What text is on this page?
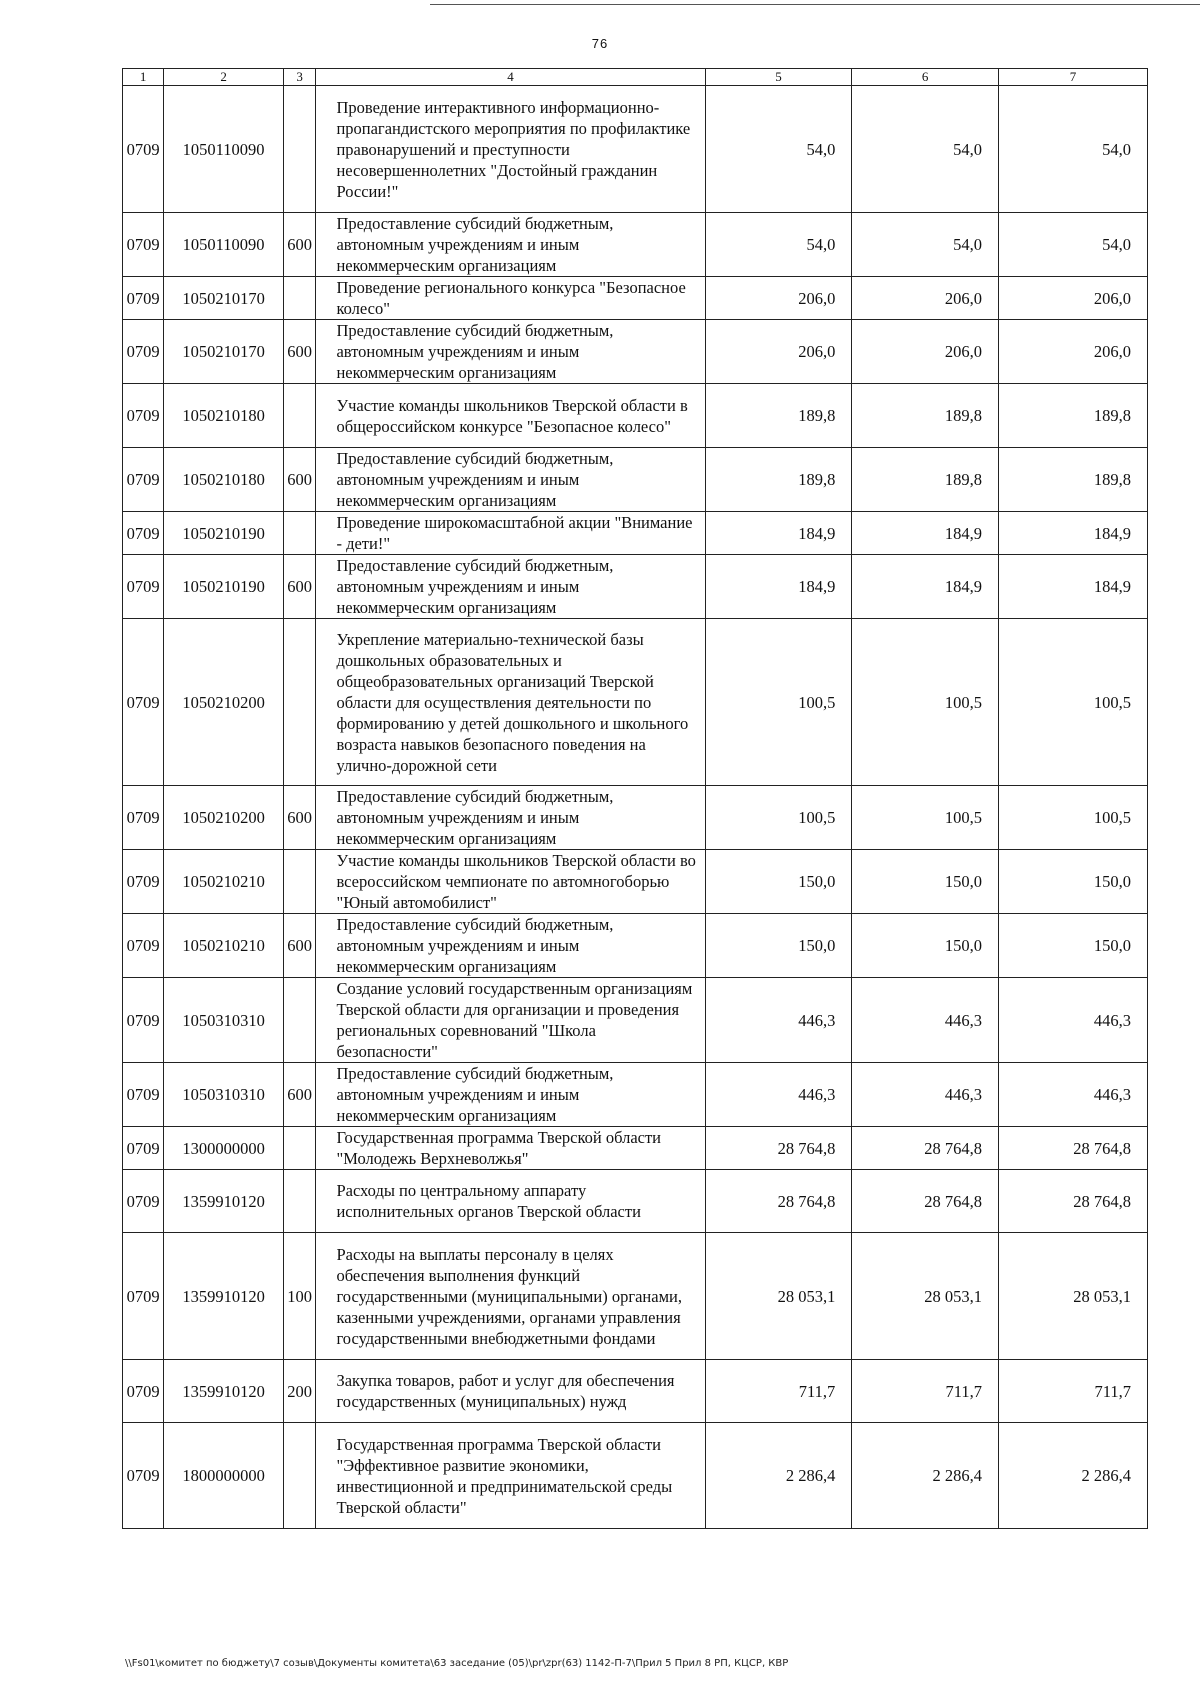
76
1	2	3	4	5	6	7
0709	1050110090		Проведение интерактивного информационно-пропагандистского мероприятия по профилактике правонарушений и преступности несовершеннолетних "Достойный гражданин России!"	54,0	54,0	54,0
0709	1050110090	600	Предоставление субсидий бюджетным, автономным учреждениям и иным некоммерческим организациям	54,0	54,0	54,0
0709	1050210170		Проведение регионального конкурса "Безопасное колесо"	206,0	206,0	206,0
0709	1050210170	600	Предоставление субсидий бюджетным, автономным учреждениям и иным некоммерческим организациям	206,0	206,0	206,0
0709	1050210180		Участие команды школьников Тверской области в общероссийском конкурсе "Безопасное колесо"	189,8	189,8	189,8
0709	1050210180	600	Предоставление субсидий бюджетным, автономным учреждениям и иным некоммерческим организациям	189,8	189,8	189,8
0709	1050210190		Проведение широкомасштабной акции "Внимание - дети!"	184,9	184,9	184,9
0709	1050210190	600	Предоставление субсидий бюджетным, автономным учреждениям и иным некоммерческим организациям	184,9	184,9	184,9
0709	1050210200		Укрепление материально-технической базы дошкольных образовательных и общеобразовательных организаций Тверской области для осуществления деятельности по формированию у детей дошкольного и школьного возраста навыков безопасного поведения на улично-дорожной сети	100,5	100,5	100,5
0709	1050210200	600	Предоставление субсидий бюджетным, автономным учреждениям и иным некоммерческим организациям	100,5	100,5	100,5
0709	1050210210		Участие команды школьников Тверской области во всероссийском чемпионате по автомногоборью "Юный автомобилист"	150,0	150,0	150,0
0709	1050210210	600	Предоставление субсидий бюджетным, автономным учреждениям и иным некоммерческим организациям	150,0	150,0	150,0
0709	1050310310		Создание условий государственным организациям Тверской области для организации и проведения региональных соревнований "Школа безопасности"	446,3	446,3	446,3
0709	1050310310	600	Предоставление субсидий бюджетным, автономным учреждениям и иным некоммерческим организациям	446,3	446,3	446,3
0709	1300000000		Государственная программа Тверской области "Молодежь Верхневолжья"	28 764,8	28 764,8	28 764,8
0709	1359910120		Расходы по центральному аппарату исполнительных органов Тверской области	28 764,8	28 764,8	28 764,8
0709	1359910120	100	Расходы на выплаты персоналу в целях обеспечения выполнения функций государственными (муниципальными) органами, казенными учреждениями, органами управления государственными внебюджетными фондами	28 053,1	28 053,1	28 053,1
0709	1359910120	200	Закупка товаров, работ и услуг для обеспечения государственных (муниципальных) нужд	711,7	711,7	711,7
0709	1800000000		Государственная программа Тверской области "Эффективное развитие экономики, инвестиционной и предпринимательской среды Тверской области"	2 286,4	2 286,4	2 286,4
\\Fs01\комитет по бюджету\7 созыв\Документы комитета\63 заседание (05)\pr\zpr(63) 1142-П-7\Прил 5 Прил 8 РП, КЦСР, КВР
